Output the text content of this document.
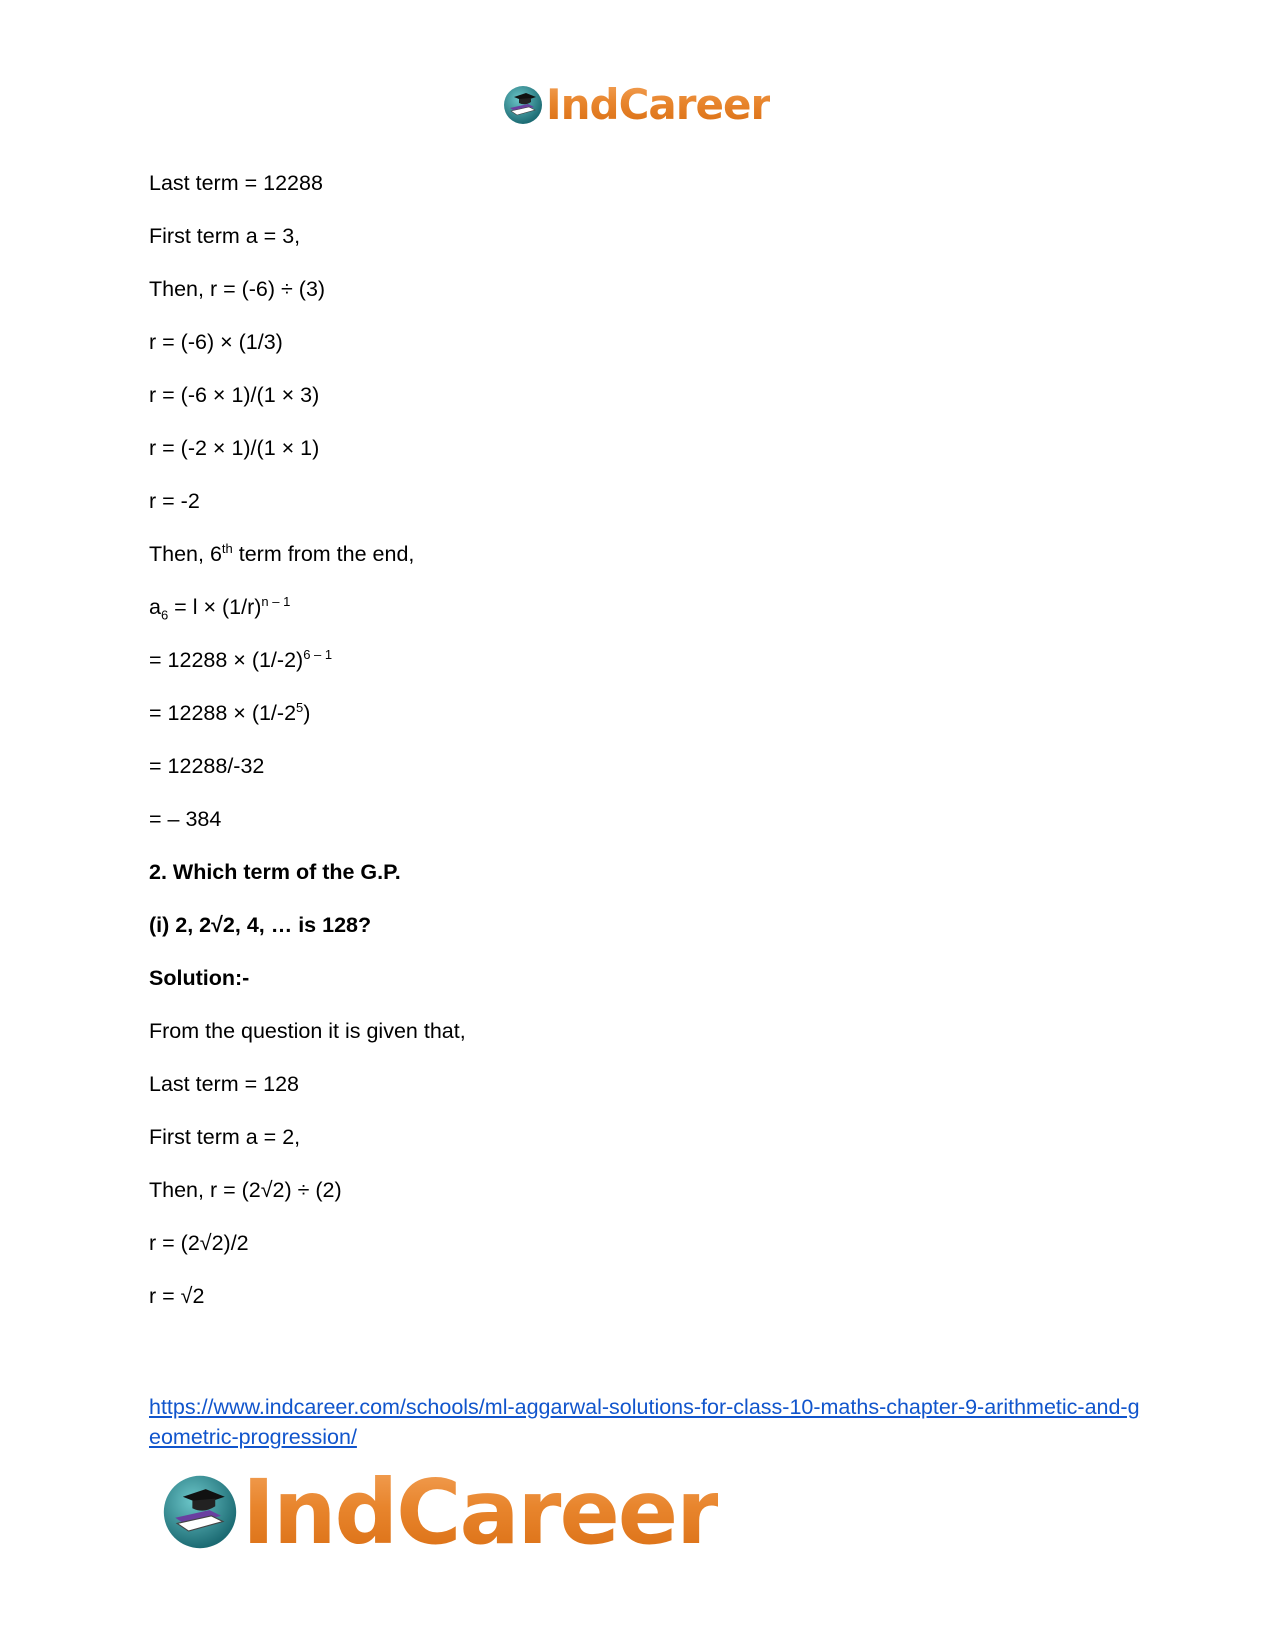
IndCareer
Last term = 12288
First term a = 3,
Then, r = (-6) ÷ (3)
r = (-6) × (1/3)
r = (-6 × 1)/(1 × 3)
r = (-2 × 1)/(1 × 1)
r = -2
Then, 6th term from the end,
$a_6 = l \times (1/r)^{n - 1}$
= $12288 \times (1/-2)^{6 - 1}$
= $12288 \times (1/-2^5)$
= 12288/-32
= – 384
2. Which term of the G.P.
(i) 2, 2√2, 4, … is 128?
Solution:-
From the question it is given that,
Last term = 128
First term a = 2,
Then, r = (2√2) ÷ (2)
r = (2√2)/2
r = √2
https://www.indcareer.com/schools/ml-aggarwal-solutions-for-class-10-maths-chapter-9-arithmetic-and-geometric-progression/
IndCareer
